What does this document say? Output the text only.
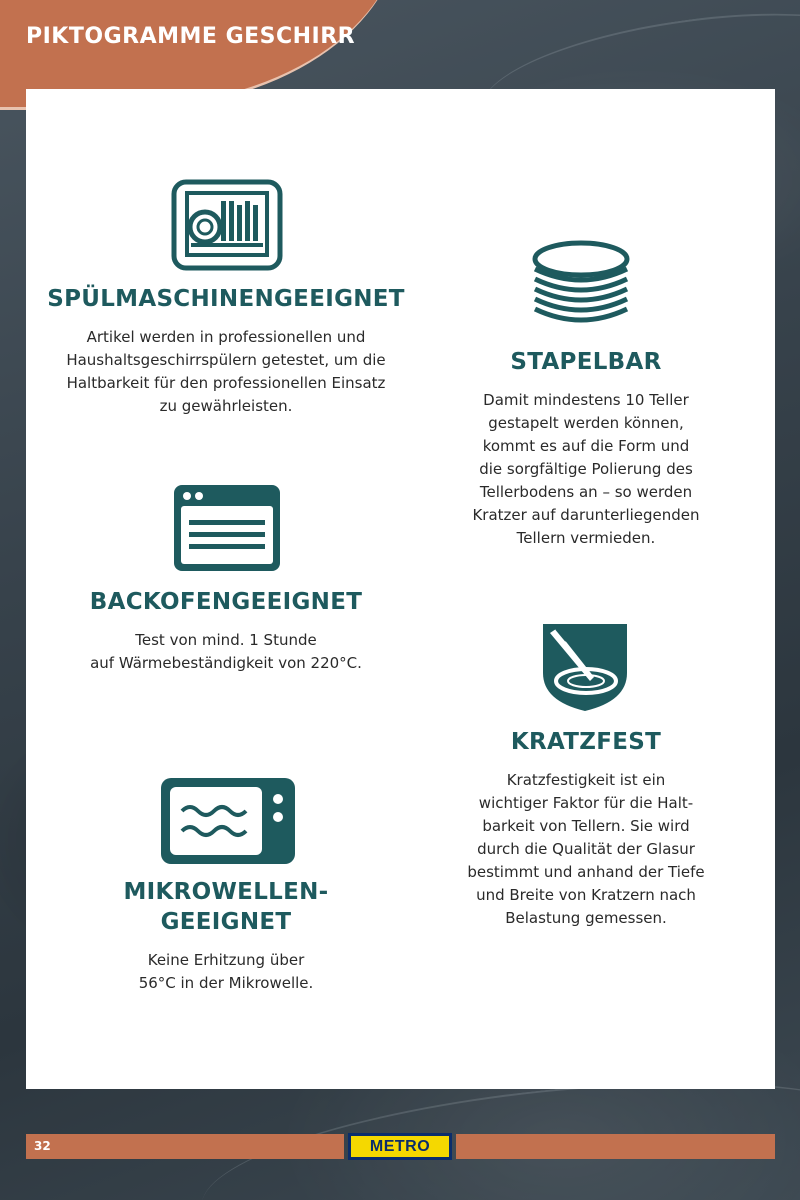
PIKTOGRAMME GESCHIRR
SPÜLMASCHINENGEEIGNET

Artikel werden in professionellen und
Haushaltsgeschirrspülern getestet, um die
Haltbarkeit für den professionellen Einsatz
zu gewährleisten.

BACKOFENGEEIGNET

Test von mind. 1 Stunde
auf Wärmebeständigkeit von 220°C.

MIKROWELLEN-
GEEIGNET

Keine Erhitzung über
56°C in der Mikrowelle.

STAPELBAR

Damit mindestens 10 Teller
gestapelt werden können,
kommt es auf die Form und
die sorgfältige Polierung des
Tellerbodens an – so werden
Kratzer auf darunterliegenden
Tellern vermieden.

KRATZFEST

Kratzfestigkeit ist ein
wichtiger Faktor für die Halt-
barkeit von Tellern. Sie wird
durch die Qualität der Glasur
bestimmt und anhand der Tiefe
und Breite von Kratzern nach
Belastung gemessen.

32	METRO
